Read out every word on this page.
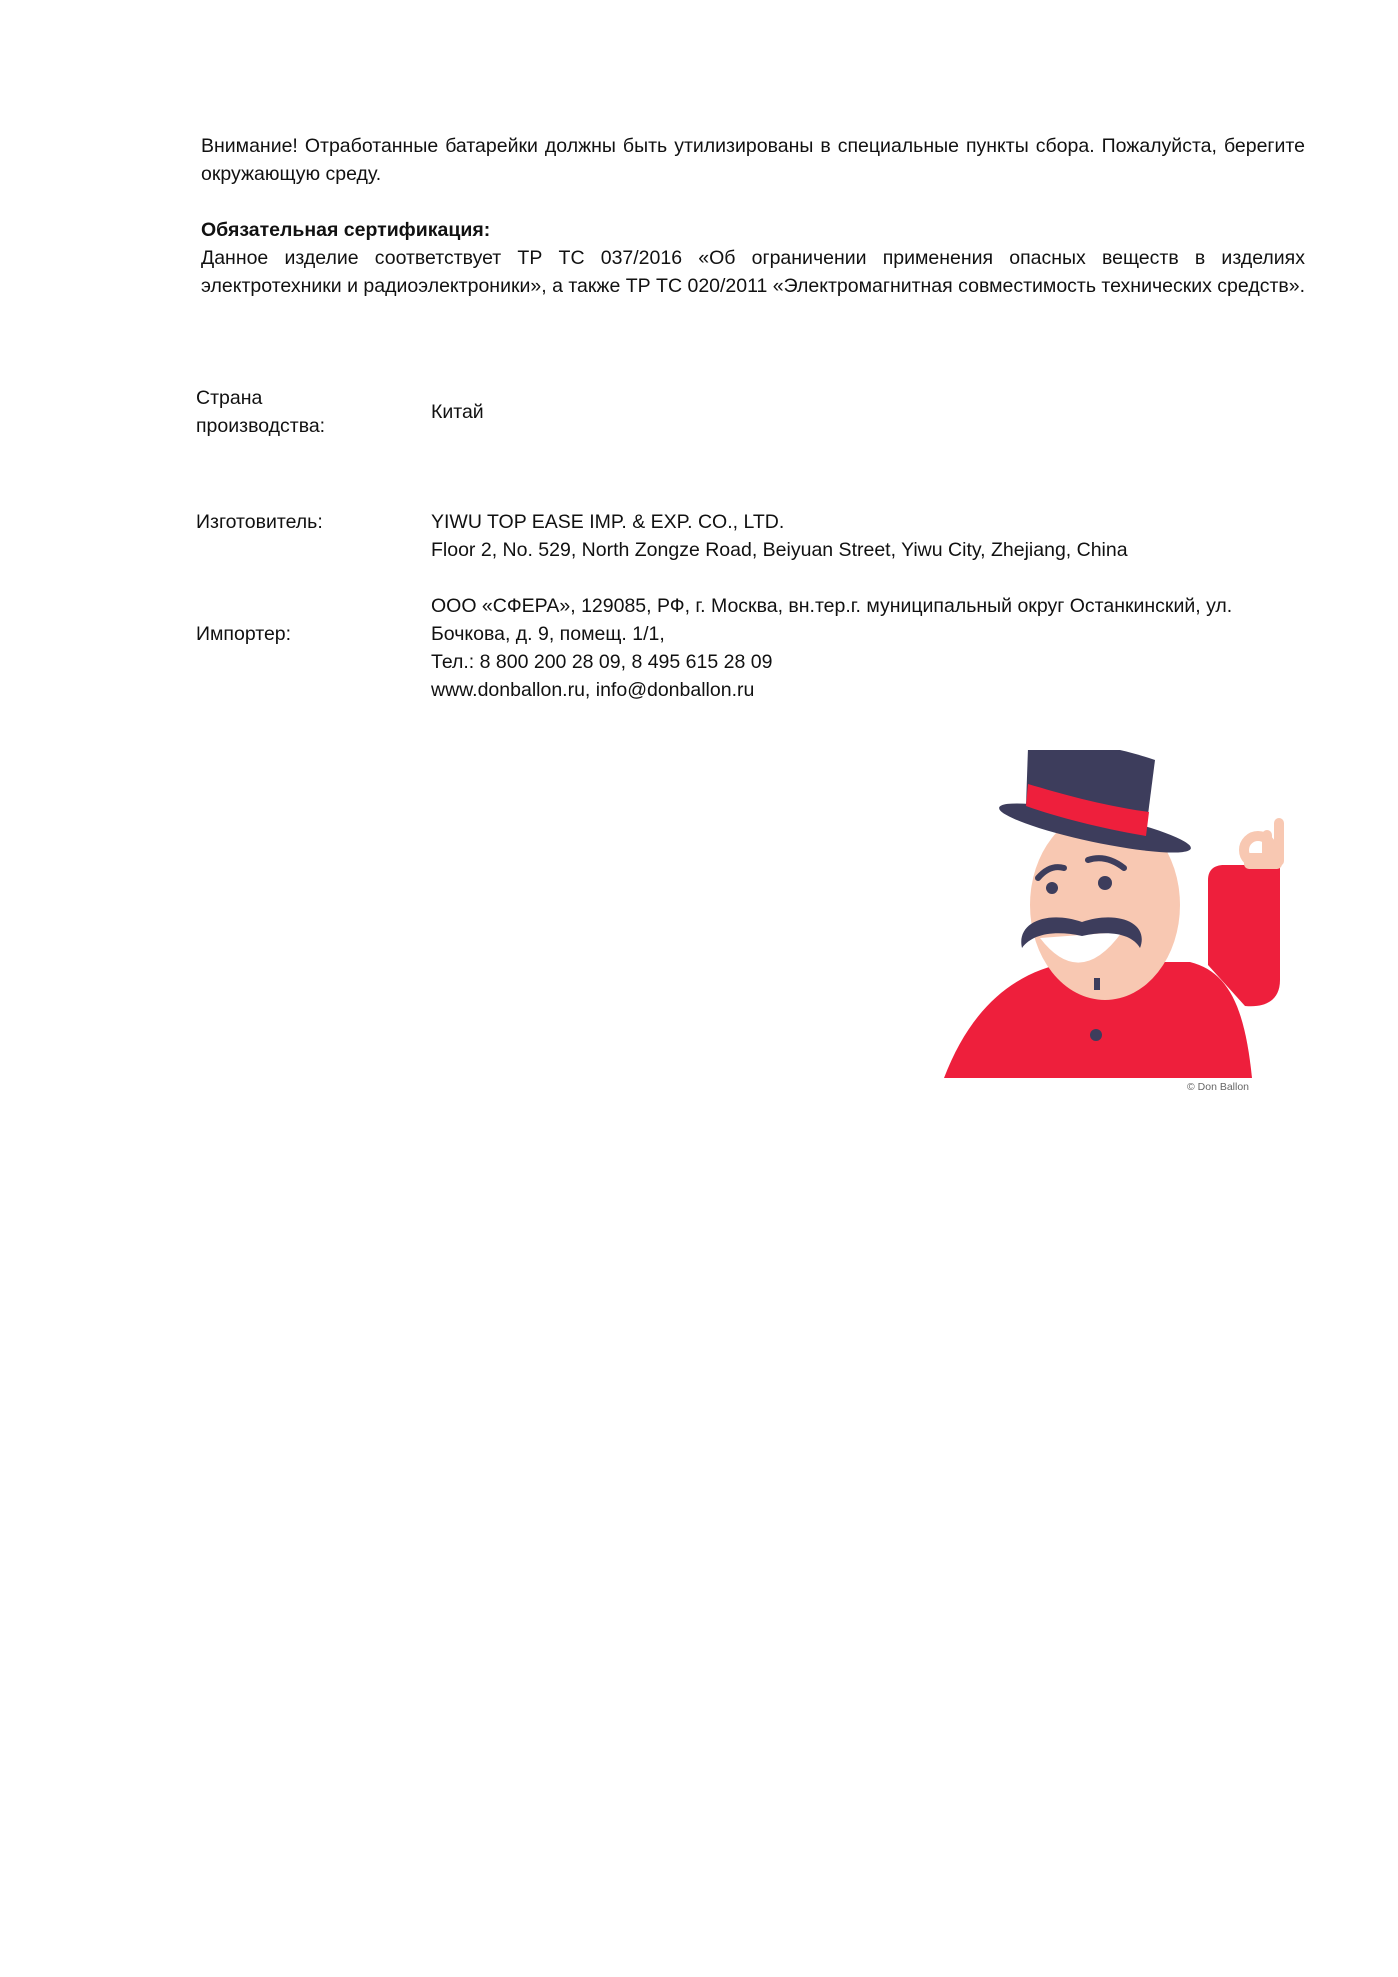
Внимание! Отработанные батарейки должны быть утилизированы в специальные пункты сбора. Пожалуйста, берегите окружающую среду.

Обязательная сертификация:

Данное изделие соответствует ТР ТС 037/2016 «Об ограничении применения опасных веществ в изделиях электротехники и радиоэлектроники», а также ТР ТС 020/2011 «Электромагнитная совместимость технических средств».

Страна
производства:
Китай
Изготовитель:	YIWU TOP EASE IMP. & EXP. CO., LTD.
Floor 2, No. 529, North Zongze Road, Beiyuan Street, Yiwu City, Zhejiang, China
Импортер:
ООО «СФЕРА», 129085, РФ, г. Москва, вн.тер.г. муниципальный округ Останкинский, ул.
Бочкова, д. 9, помещ. 1/1,
Тел.: 8 800 200 28 09, 8 495 615 28 09
www.donballon.ru, info@donballon.ru

© Don Ballon
